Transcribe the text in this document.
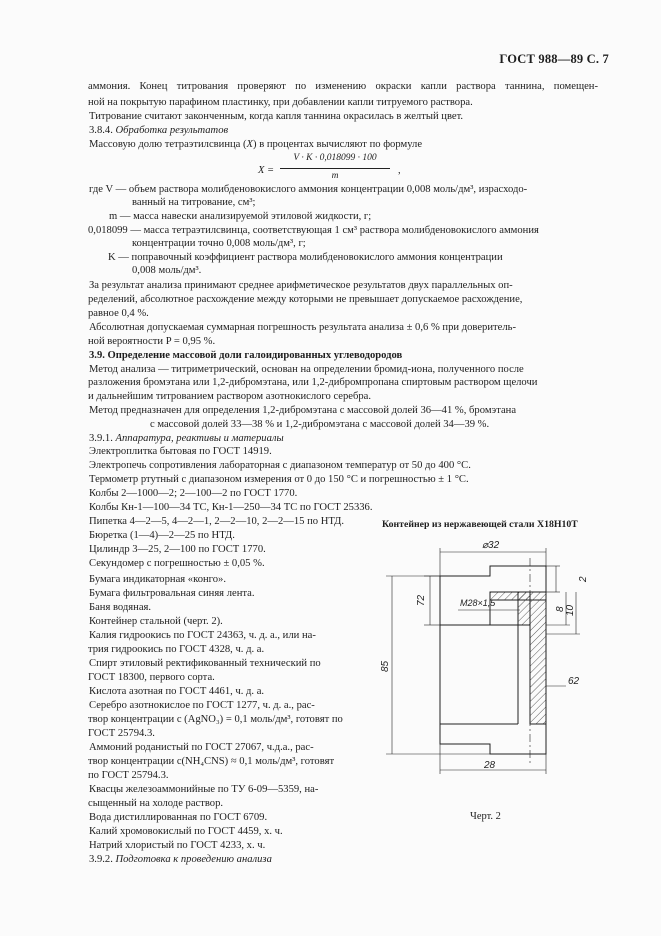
ГОСТ 988—89 С. 7
аммония. Конец титрования проверяют по изменению окраски капли раствора таннина, помещен-
ной на покрытую парафином пластинку, при добавлении капли титруемого раствора.
Титрование считают законченным, когда капля таннина окрасилась в желтый цвет.
3.8.4. Обработка результатов
Массовую долю тетраэтилсвинца (X) в процентах вычисляют по формуле
X =
V · K · 0,018099 · 100
m	,
где V — объем раствора молибденовокислого аммония концентрации 0,008 моль/дм³, израсходо-
ванный на титрование, см³;
m — масса навески анализируемой этиловой жидкости, г;
0,018099 — масса тетраэтилсвинца, соответствующая 1 см³ раствора молибденовокислого аммония
концентрации точно 0,008 моль/дм³, г;
K — поправочный коэффициент раствора молибденовокислого аммония концентрации
0,008 моль/дм³.
За результат анализа принимают среднее арифметическое результатов двух параллельных оп-
ределений, абсолютное расхождение между которыми не превышает допускаемое расхождение,
равное 0,4 %.
Абсолютная допускаемая суммарная погрешность результата анализа ± 0,6 % при доверитель-
ной вероятности P = 0,95 %.
3.9. Определение массовой доли галоидированных углеводородов
Метод анализа — титриметрический, основан на определении бромид-иона, полученного после
разложения бромэтана или 1,2-дибромэтана, или 1,2-дибромпропана спиртовым раствором щелочи
и дальнейшим титрованием раствором азотнокислого серебра.
Метод предназначен для определения 1,2-дибромэтана с массовой долей 36—41 %, бромэтана
с массовой долей 33—38 % и 1,2-дибромэтана с массовой долей 34—39 %.
3.9.1. Аппаратура, реактивы и материалы
Электроплитка бытовая по ГОСТ 14919.
Электропечь сопротивления лабораторная с диапазоном температур от 50 до 400 °С.
Термометр ртутный с диапазоном измерения от 0 до 150 °С и погрешностью ± 1 °С.
Колбы 2—1000—2; 2—100—2 по ГОСТ 1770.
Колбы Кн-1—100—34 ТС, Кн-1—250—34 ТС по ГОСТ 25336.
Пипетка 4—2—5, 4—2—1, 2—2—10, 2—2—15 по НТД.
Бюретка (1—4)—2—25 по НТД.
Цилиндр 3—25, 2—100 по ГОСТ 1770.
Секундомер с погрешностью ± 0,05 %.
Бумага индикаторная «конго».
Бумага фильтровальная синяя лента.
Баня водяная.
Контейнер стальной (черт. 2).
Калия гидроокись по ГОСТ 24363, ч. д. а., или на-
трия гидроокись по ГОСТ 4328, ч. д. а.
Спирт этиловый ректификованный технический по
ГОСТ 18300, первого сорта.
Кислота азотная по ГОСТ 4461, ч. д. а.
Серебро азотнокислое по ГОСТ 1277, ч. д. а., рас-
твор концентрации с (AgNO₃) = 0,1 моль/дм³, готовят по
ГОСТ 25794.3.
Аммоний роданистый по ГОСТ 27067, ч.д.а., рас-
твор концентрации с(NH₄CNS) ≈ 0,1 моль/дм³, готовят
по ГОСТ 25794.3.
Квасцы железоаммонийные по ТУ 6-09—5359, на-
сыщенный на холоде раствор.
Вода дистиллированная по ГОСТ 6709.
Калий хромовокислый по ГОСТ 4459, х. ч.
Натрий хлористый по ГОСТ 4233, х. ч.
3.9.2. Подготовка к проведению анализа
Контейнер из нержавеющей стали Х18Н10Т
⌀32
72	M28×1,5
2
8 10
85
62
28
Черт. 2
